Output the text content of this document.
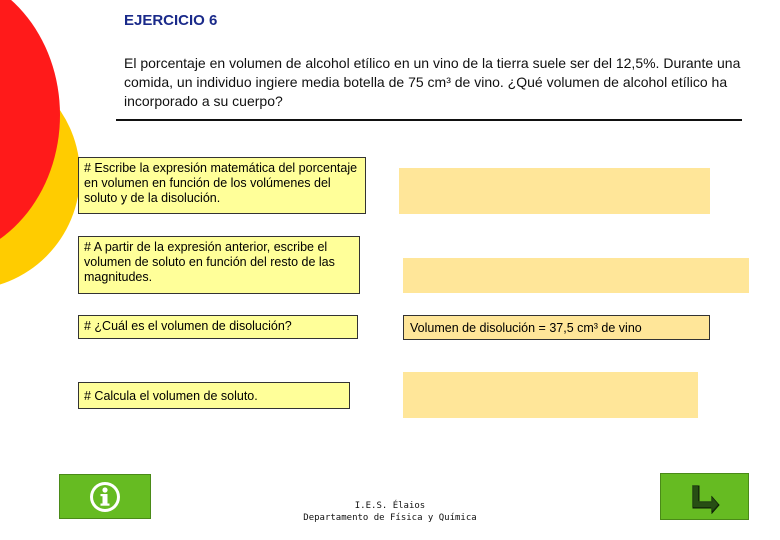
EJERCICIO 6
El porcentaje en volumen de alcohol etílico en un vino de la tierra suele ser del 12,5%. Durante una comida, un individuo ingiere media botella de 75 cm³ de vino. ¿Qué volumen de alcohol etílico ha incorporado a su cuerpo?
# Escribe la expresión matemática del porcentaje en volumen en función de los volúmenes del soluto y de la disolución.
# A partir de la expresión anterior, escribe el volumen de soluto en función del resto de las magnitudes.
# ¿Cuál es el volumen de disolución?	Volumen de disolución = 37,5 cm³ de vino
# Calcula el volumen de soluto.
I.E.S. Élaios
Departamento de Física y Química
